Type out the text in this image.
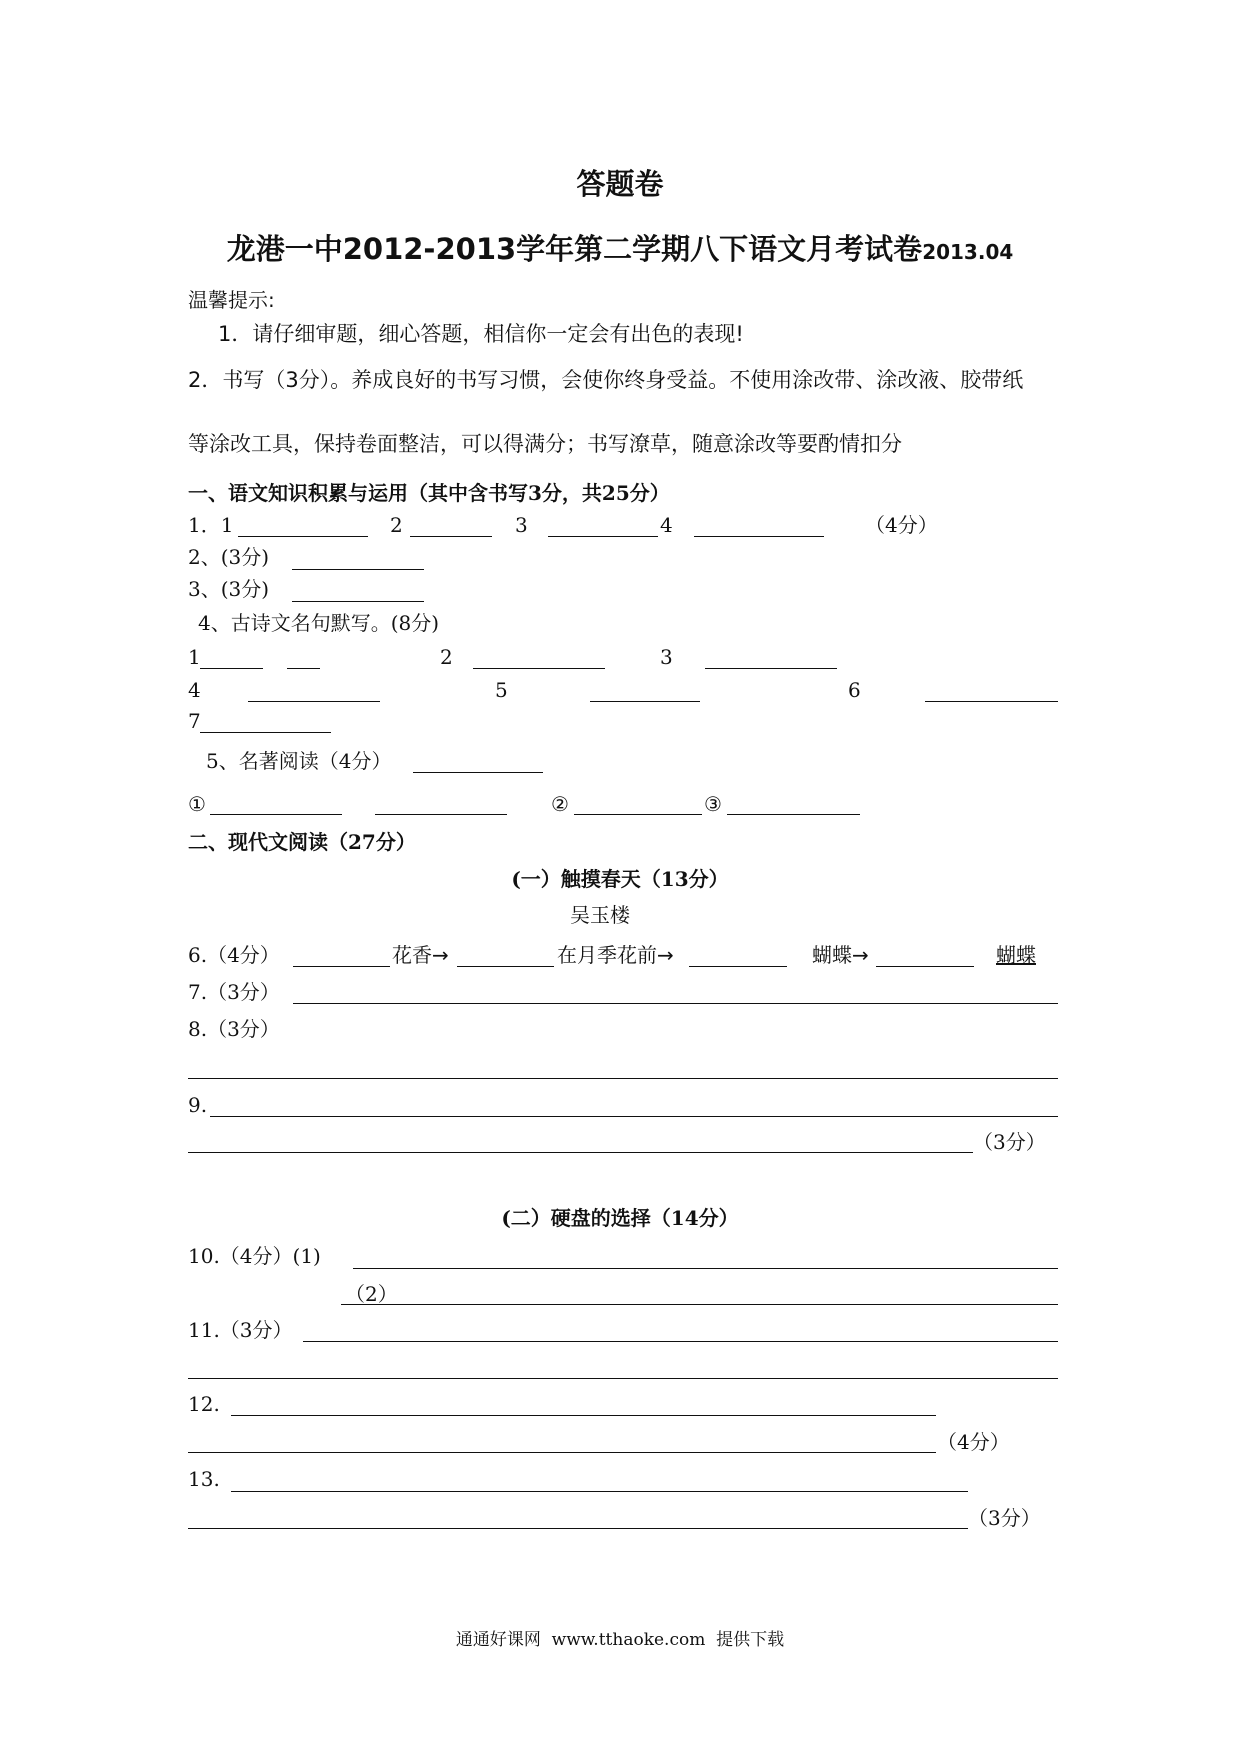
答题卷
龙港一中2012-2013学年第二学期八下语文月考试卷2013.04
温馨提示:
1．请仔细审题，细心答题，相信你一定会有出色的表现!
2．书写（3分）。养成良好的书写习惯，会使你终身受益。不使用涂改带、涂改液、胶带纸
等涂改工具，保持卷面整洁，可以得满分；书写潦草，随意涂改等要酌情扣分
一、语文知识积累与运用（其中含书写3分，共25分）
1．1	2	3	4	（4分）
2、(3分)
3、(3分)
4、古诗文名句默写。(8分)
1	2	3
4	5	6
7
5、名著阅读（4分）
①	②	③
二、现代文阅读（27分）
(一）触摸春天（13分）
吴玉楼
6.（4分）	花香→	在月季花前→	蝴蝶→	蝴蝶
7.（3分）
8.（3分）
9.
（3分）
(二）硬盘的选择（14分）
10.（4分）(1)
（2）
11.（3分）
12.
（4分）
13.
（3分）
通通好课网  www.tthaoke.com  提供下载
